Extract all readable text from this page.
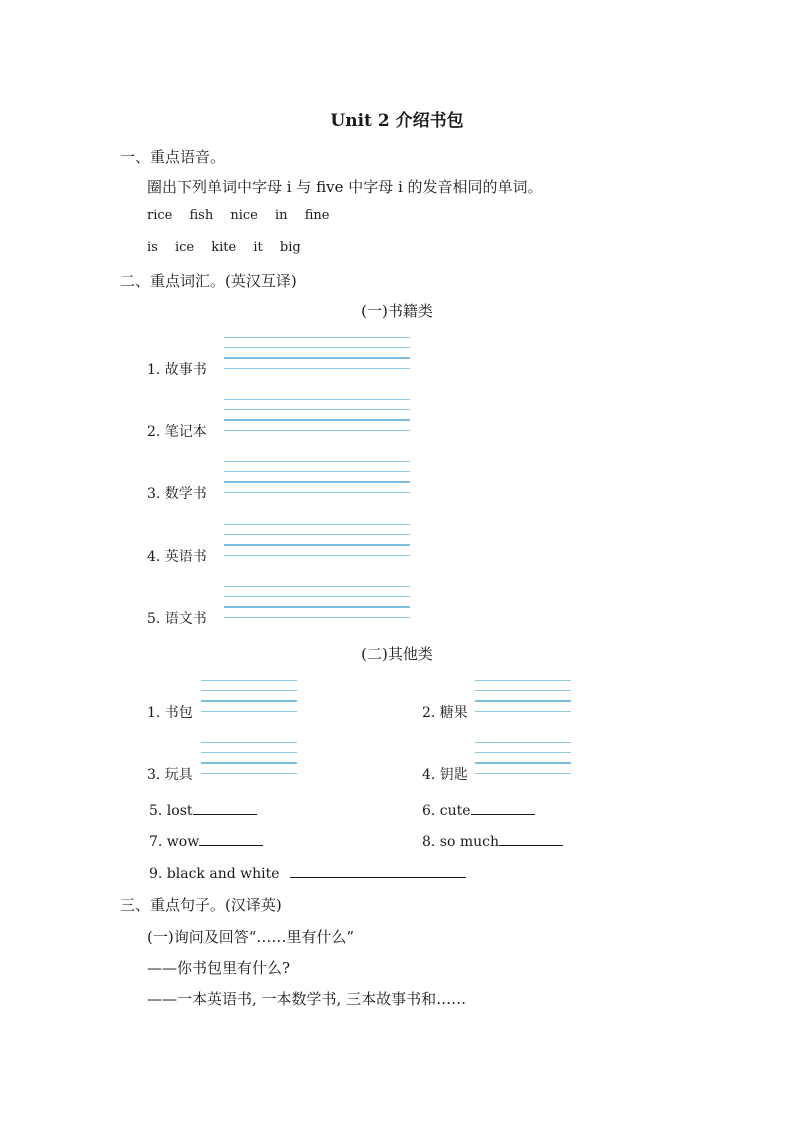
Unit 2 介绍书包
一、重点语音。
圈出下列单词中字母 i 与 five 中字母 i 的发音相同的单词。
rice fish nice in fine
is ice kite it big
二、重点词汇。(英汉互译)
(一)书籍类
1. 故事书
2. 笔记本
3. 数学书
4. 英语书
5. 语文书
(二)其他类
1. 书包	2. 糖果
3. 玩具	4. 钥匙
5. lost	6. cute
7. wow	8. so much
9. black and white
三、重点句子。(汉译英)
(一)询问及回答“……里有什么”
——你书包里有什么?
——一本英语书, 一本数学书, 三本故事书和……
